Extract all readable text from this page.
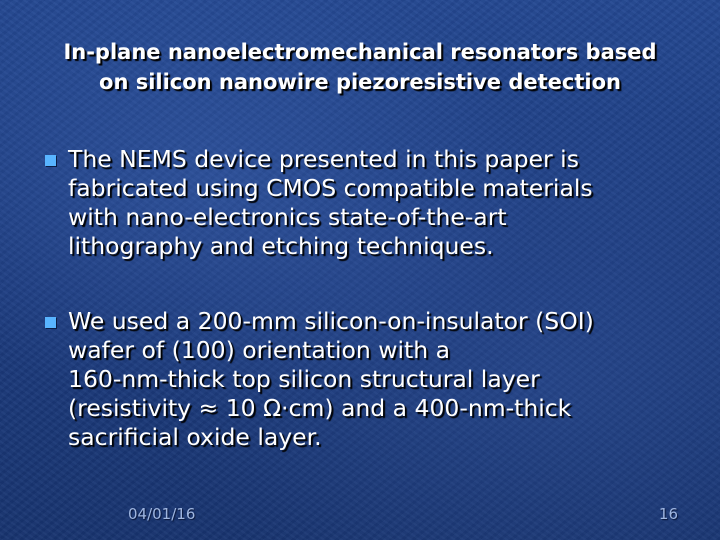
In-plane nanoelectromechanical resonators based
on silicon nanowire piezoresistive detection
The NEMS device presented in this paper is
fabricated using CMOS compatible materials
with nano-electronics state-of-the-art
lithography and etching techniques.
We used a 200-mm silicon-on-insulator (SOI)
wafer of (100) orientation with a
160-nm-thick top silicon structural layer
(resistivity ≈ 10 Ω·cm) and a 400-nm-thick
sacrificial oxide layer.
04/01/16	16
